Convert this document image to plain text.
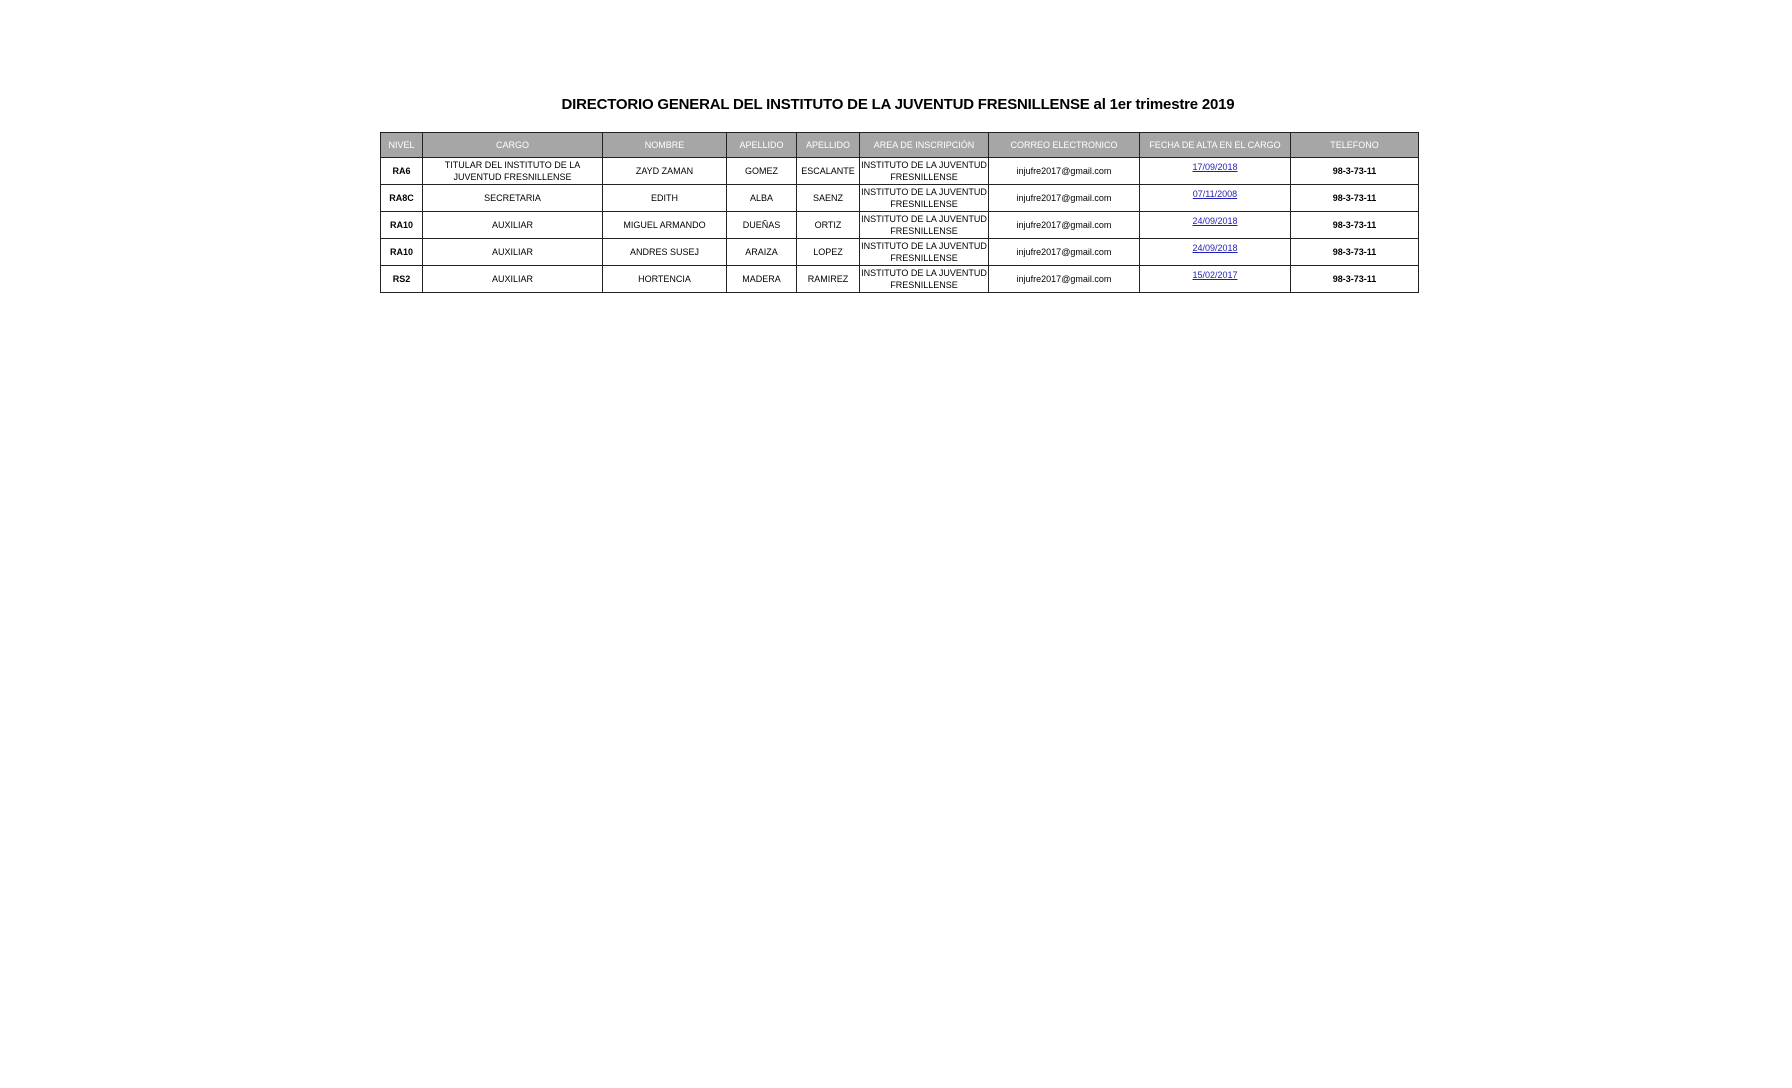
DIRECTORIO GENERAL DEL INSTITUTO DE LA JUVENTUD FRESNILLENSE al 1er trimestre 2019
NIVEL	CARGO	NOMBRE	APELLIDO	APELLIDO	AREA DE INSCRIPCIÓN	CORREO ELECTRONICO	FECHA DE ALTA EN EL CARGO	TELEFONO
RA6	TITULAR DEL INSTITUTO DE LA JUVENTUD FRESNILLENSE	ZAYD ZAMAN	GOMEZ	ESCALANTE	INSTITUTO DE LA JUVENTUD FRESNILLENSE	injufre2017@gmail.com	17/09/2018	98-3-73-11
RA8C	SECRETARIA	EDITH	ALBA	SAENZ	INSTITUTO DE LA JUVENTUD FRESNILLENSE	injufre2017@gmail.com	07/11/2008	98-3-73-11
RA10	AUXILIAR	MIGUEL ARMANDO	DUEÑAS	ORTIZ	INSTITUTO DE LA JUVENTUD FRESNILLENSE	injufre2017@gmail.com	24/09/2018	98-3-73-11
RA10	AUXILIAR	ANDRES SUSEJ	ARAIZA	LOPEZ	INSTITUTO DE LA JUVENTUD FRESNILLENSE	injufre2017@gmail.com	24/09/2018	98-3-73-11
RS2	AUXILIAR	HORTENCIA	MADERA	RAMIREZ	INSTITUTO DE LA JUVENTUD FRESNILLENSE	injufre2017@gmail.com	15/02/2017	98-3-73-11
